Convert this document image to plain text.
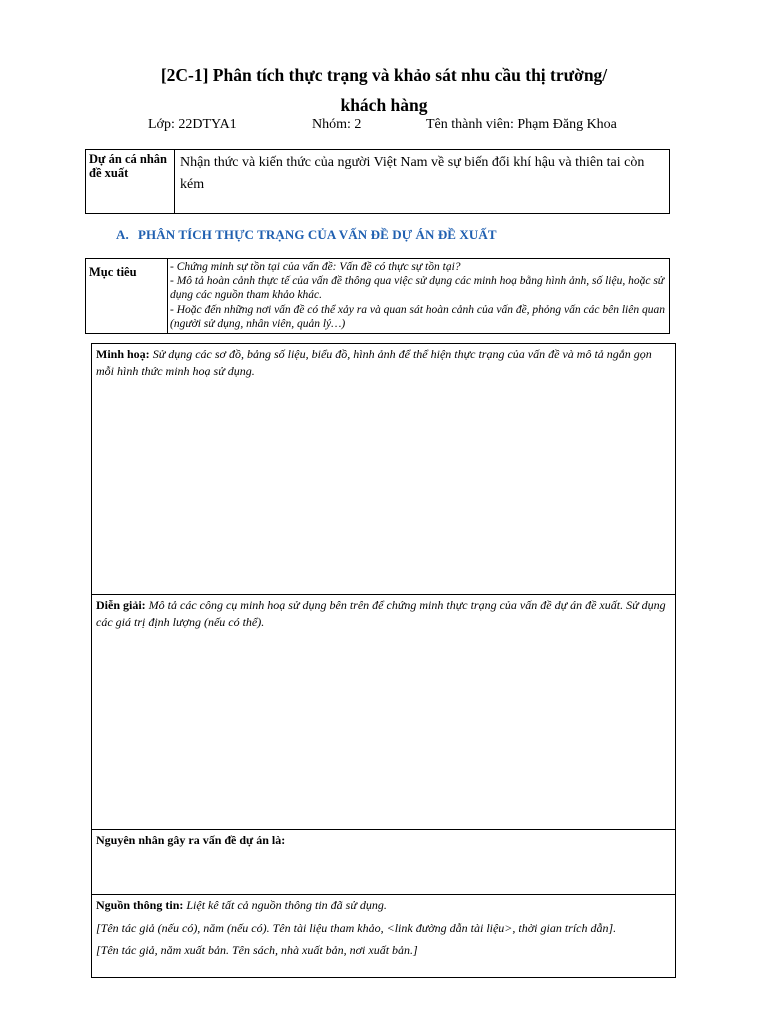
[2C-1] Phân tích thực trạng và khảo sát nhu cầu thị trường/
khách hàng
Lớp: 22DTYA1	Nhóm: 2	Tên thành viên: Phạm Đăng Khoa
Dự án cá nhân đề xuất	Nhận thức và kiến thức của người Việt Nam về sự biến đổi khí hậu và thiên tai còn kém
A. PHÂN TÍCH THỰC TRẠNG CỦA VẤN ĐỀ DỰ ÁN ĐỀ XUẤT
Mục tiêu	- Chứng minh sự tồn tại của vấn đề: Vấn đề có thực sự tồn tại?
- Mô tả hoàn cảnh thực tế của vấn đề thông qua việc sử dụng các minh hoạ bằng hình ảnh, số liệu, hoặc sử dụng các nguồn tham khảo khác.
- Hoặc đến những nơi vấn đề có thể xảy ra và quan sát hoàn cảnh của vấn đề, phỏng vấn các bên liên quan (người sử dụng, nhân viên, quản lý…)
Minh hoạ: Sử dụng các sơ đồ, bảng số liệu, biểu đồ, hình ảnh để thể hiện thực trạng của vấn đề và mô tả ngắn gọn mỗi hình thức minh hoạ sử dụng.
Diễn giải: Mô tả các công cụ minh hoạ sử dụng bên trên để chứng minh thực trạng của vấn đề dự án đề xuất. Sử dụng các giá trị định lượng (nếu có thể).
Nguyên nhân gây ra vấn đề dự án là:
Nguồn thông tin: Liệt kê tất cả nguồn thông tin đã sử dụng.
[Tên tác giả (nếu có), năm (nếu có). Tên tài liệu tham khảo, <link đường dẫn tài liệu>, thời gian trích dẫn].
[Tên tác giả, năm xuất bản. Tên sách, nhà xuất bản, nơi xuất bản.]
